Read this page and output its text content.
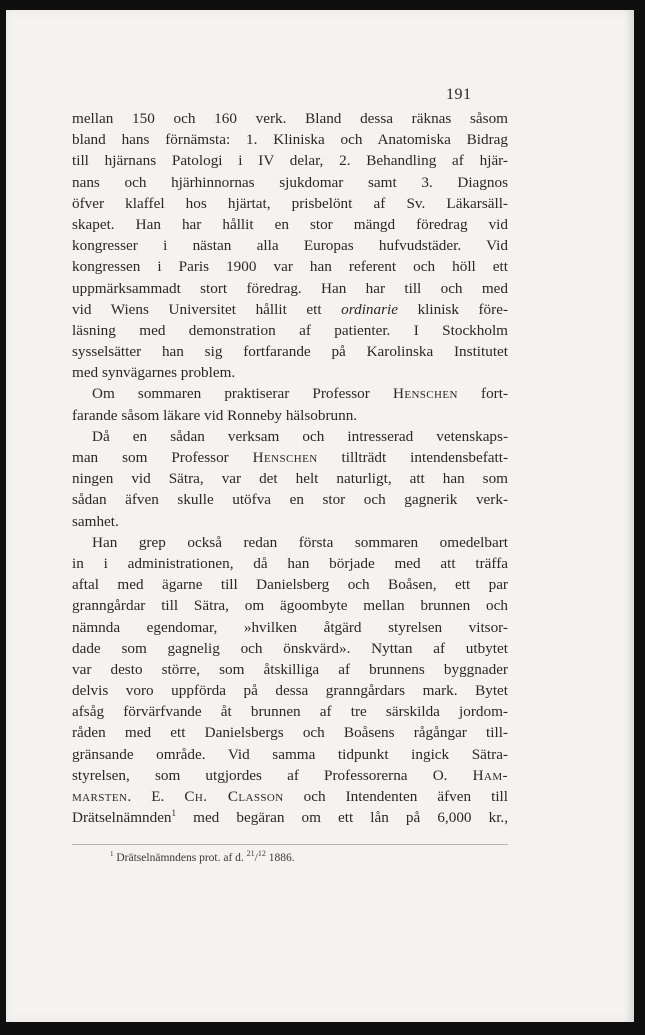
191
mellan 150 och 160 verk. Bland dessa räknas såsom
bland hans förnämsta: 1. Kliniska och Anatomiska Bidrag
till hjärnans Patologi i IV delar, 2. Behandling af hjär-
nans och hjärhinnornas sjukdomar samt 3. Diagnos
öfver klaffel hos hjärtat, prisbelönt af Sv. Läkarsäll-
skapet. Han har hållit en stor mängd föredrag vid
kongresser i nästan alla Europas hufvudstäder. Vid
kongressen i Paris 1900 var han referent och höll ett
uppmärksammadt stort föredrag. Han har till och med
vid Wiens Universitet hållit ett ordinarie klinisk före-
läsning med demonstration af patienter. I Stockholm
sysselsätter han sig fortfarande på Karolinska Institutet
med synvägarnes problem.
Om sommaren praktiserar Professor Henschen fort-
farande såsom läkare vid Ronneby hälsobrunn.
Då en sådan verksam och intresserad vetenskaps-
man som Professor Henschen tillträdt intendensbefatt-
ningen vid Sätra, var det helt naturligt, att han som
sådan äfven skulle utöfva en stor och gagnerik verk-
samhet.
Han grep också redan första sommaren omedelbart
in i administrationen, då han började med att träffa
aftal med ägarne till Danielsberg och Boåsen, ett par
granngårdar till Sätra, om ägoombyte mellan brunnen och
nämnda egendomar, »hvilken åtgärd styrelsen vitsor-
dade som gagnelig och önskvärd». Nyttan af utbytet
var desto större, som åtskilliga af brunnens byggnader
delvis voro uppförda på dessa granngårdars mark. Bytet
afsåg förvärfvande åt brunnen af tre särskilda jordom-
råden med ett Danielsbergs och Boåsens rågångar till-
gränsande område. Vid samma tidpunkt ingick Sätra-
styrelsen, som utgjordes af Professorerna O. Ham-
marsten. E. Ch. Classon och Intendenten äfven till
Drätselnämnden$^1$ med begäran om ett lån på 6,000 kr.,
$^1$ Drätselnämndens prot. af d. $^{21}$/$^{12}$ 1886.
